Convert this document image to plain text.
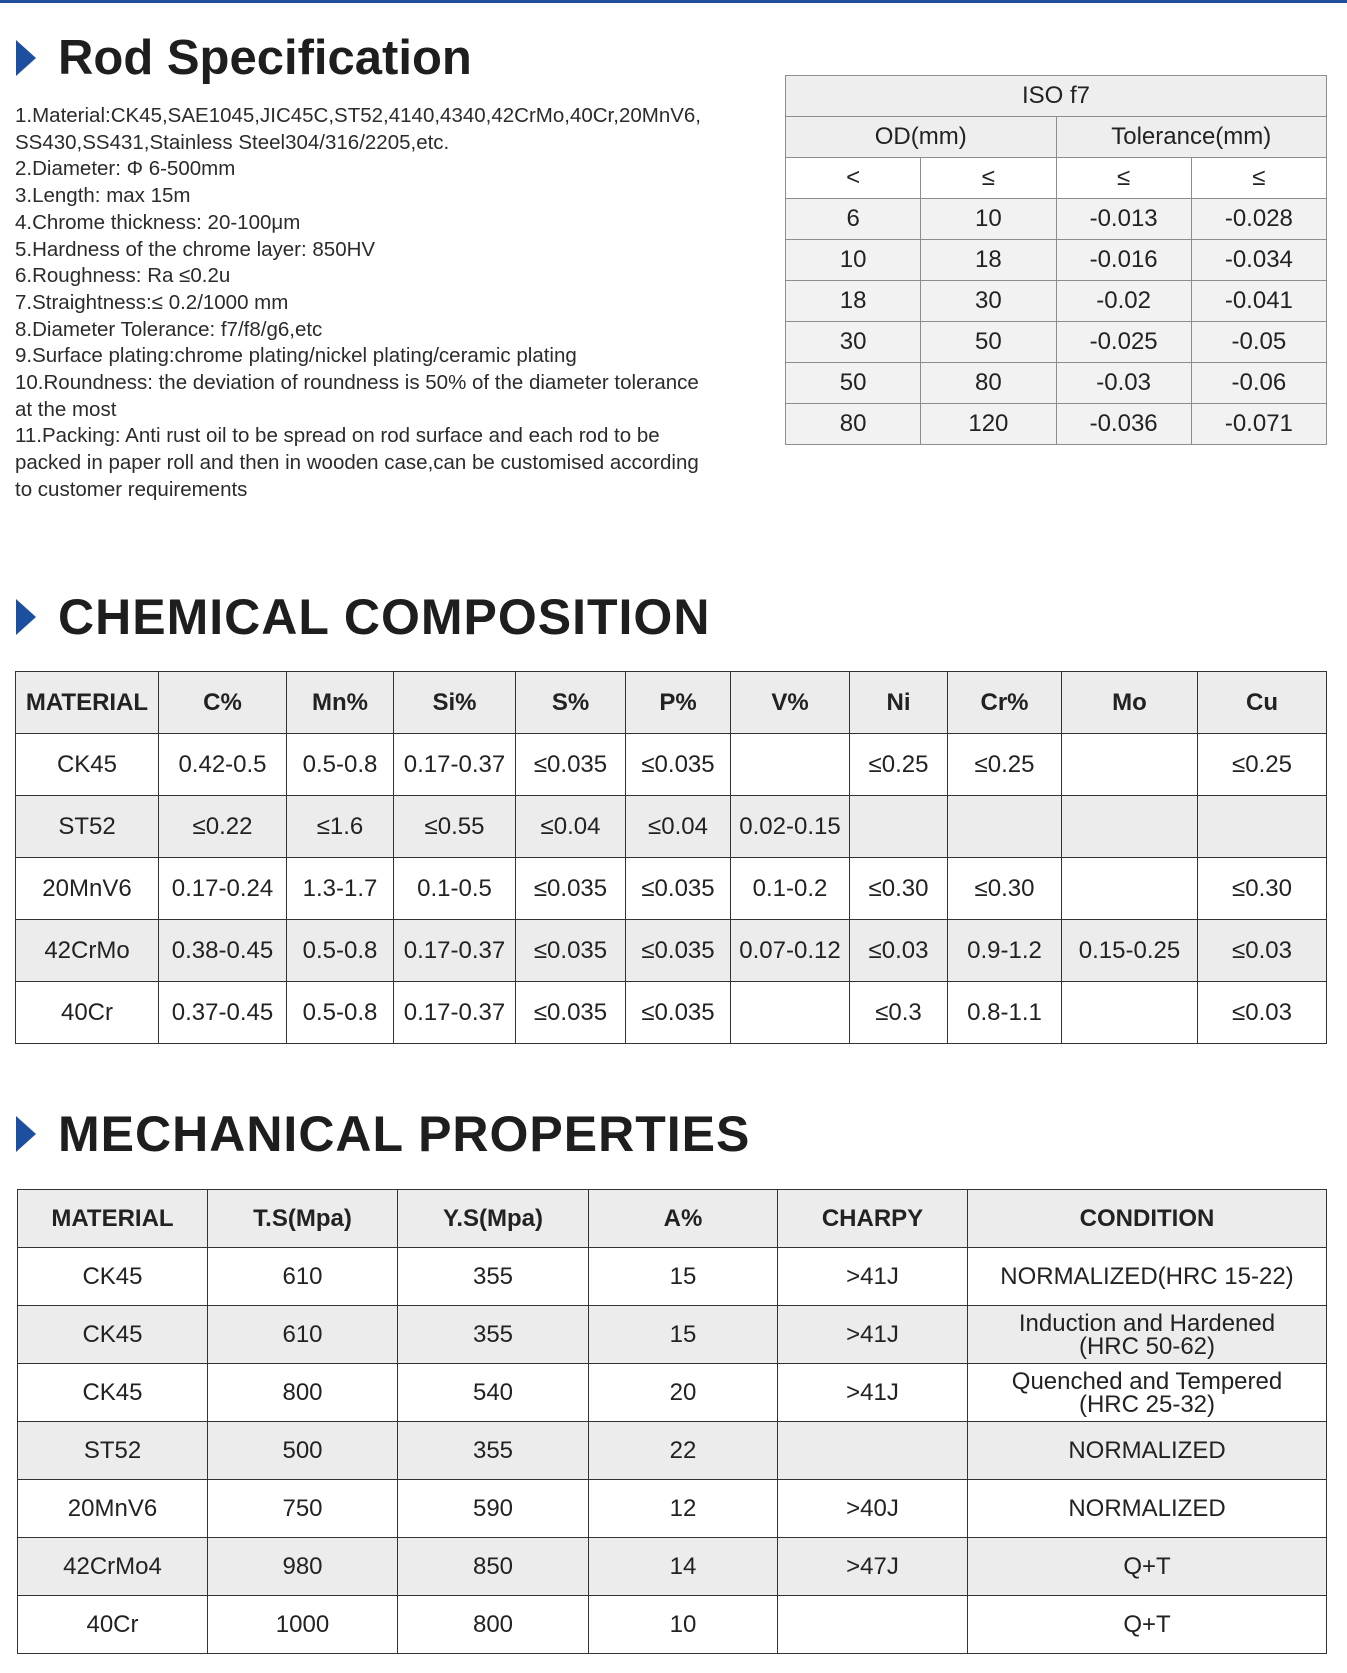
Rod Specification
1.Material:CK45,SAE1045,JIC45C,ST52,4140,4340,42CrMo,40Cr,20MnV6,
SS430,SS431,Stainless Steel304/316/2205,etc.
2.Diameter: Φ 6-500mm
3.Length: max 15m
4.Chrome thickness: 20-100μm
5.Hardness of the chrome layer: 850HV
6.Roughness: Ra ≤0.2u
7.Straightness:≤ 0.2/1000 mm
8.Diameter Tolerance: f7/f8/g6,etc
9.Surface plating:chrome plating/nickel plating/ceramic plating
10.Roundness: the deviation of roundness is 50% of the diameter tolerance
at the most
11.Packing: Anti rust oil to be spread on rod surface and each rod to be
packed in paper roll and then in wooden case,can be customised according
to customer requirements
ISO f7			
OD(mm)		Tolerance(mm)	
<	≤	≤	≤
6	10	-0.013	-0.028
10	18	-0.016	-0.034
18	30	-0.02	-0.041
30	50	-0.025	-0.05
50	80	-0.03	-0.06
80	120	-0.036	-0.071
CHEMICAL COMPOSITION
MATERIAL	C%	Mn%	Si%	S%	P%	V%	Ni	Cr%	Mo	Cu
CK45	0.42-0.5	0.5-0.8	0.17-0.37	≤0.035	≤0.035		≤0.25	≤0.25		≤0.25
ST52	≤0.22	≤1.6	≤0.55	≤0.04	≤0.04	0.02-0.15				
20MnV6	0.17-0.24	1.3-1.7	0.1-0.5	≤0.035	≤0.035	0.1-0.2	≤0.30	≤0.30		≤0.30
42CrMo	0.38-0.45	0.5-0.8	0.17-0.37	≤0.035	≤0.035	0.07-0.12	≤0.03	0.9-1.2	0.15-0.25	≤0.03
40Cr	0.37-0.45	0.5-0.8	0.17-0.37	≤0.035	≤0.035		≤0.3	0.8-1.1		≤0.03
MECHANICAL PROPERTIES
MATERIAL	T.S(Mpa)	Y.S(Mpa)	A%	CHARPY	CONDITION
CK45	610	355	15	>41J	NORMALIZED(HRC 15-22)
CK45	610	355	15	>41J	Induction and Hardened
(HRC 50-62)
CK45	800	540	20	>41J	Quenched and Tempered
(HRC 25-32)
ST52	500	355	22		NORMALIZED
20MnV6	750	590	12	>40J	NORMALIZED
42CrMo4	980	850	14	>47J	Q+T
40Cr	1000	800	10		Q+T
